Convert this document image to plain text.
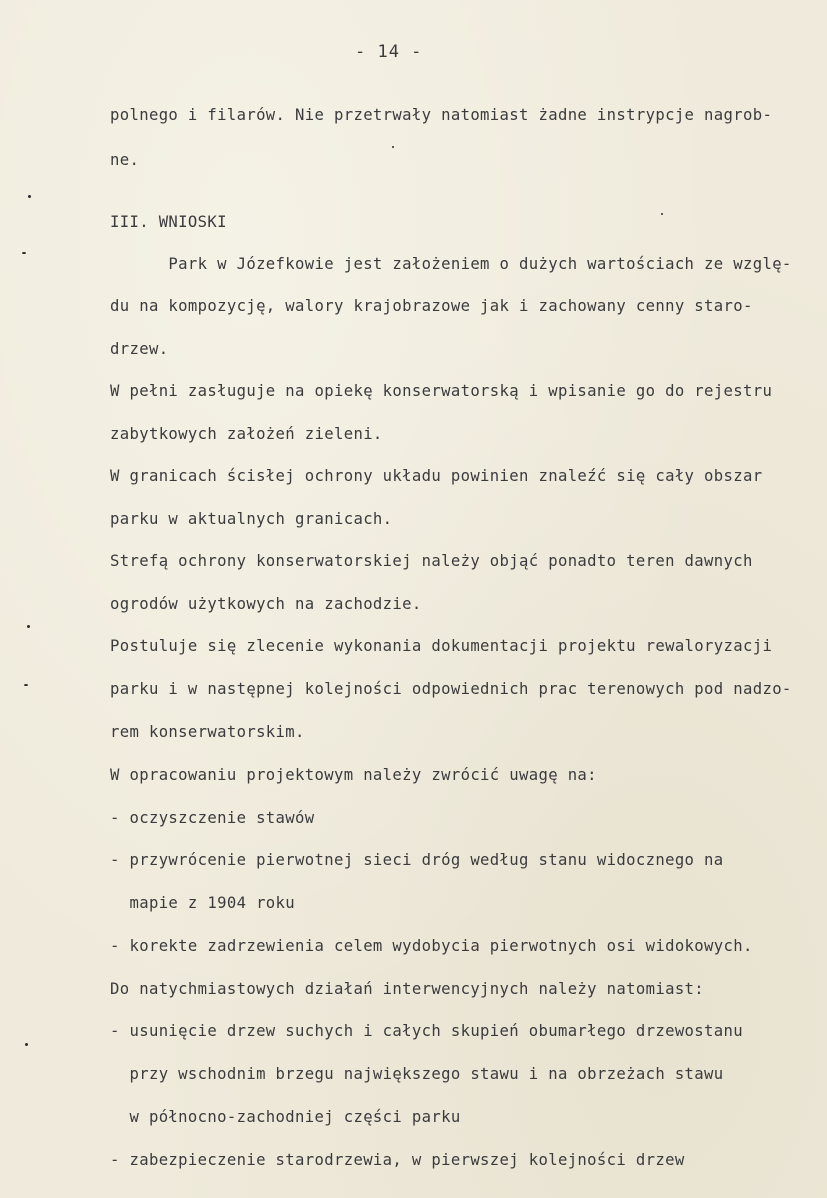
- 14 -
polnego i filarów. Nie przetrwały natomiast żadne instrypcje nagrob-
ne.
III. WNIOSKI
Park w Józefkowie jest założeniem o dużych wartościach ze wzglę-
du na kompozycję, walory krajobrazowe jak i zachowany cenny staro-
drzew.
W pełni zasługuje na opiekę konserwatorską i wpisanie go do rejestru
zabytkowych założeń zieleni.
W granicach ścisłej ochrony układu powinien znaleźć się cały obszar
parku w aktualnych granicach.
Strefą ochrony konserwatorskiej należy objąć ponadto teren dawnych
ogrodów użytkowych na zachodzie.
Postuluje się zlecenie wykonania dokumentacji projektu rewaloryzacji
parku i w następnej kolejności odpowiednich prac terenowych pod nadzo-
rem konserwatorskim.
W opracowaniu projektowym należy zwrócić uwagę na:
- oczyszczenie stawów
- przywrócenie pierwotnej sieci dróg według stanu widocznego na
mapie z 1904 roku
- korekte zadrzewienia celem wydobycia pierwotnych osi widokowych.
Do natychmiastowych działań interwencyjnych należy natomiast:
- usunięcie drzew suchych i całych skupień obumarłego drzewostanu
przy wschodnim brzegu największego stawu i na obrzeżach stawu
w północno-zachodniej części parku
- zabezpieczenie starodrzewia, w pierwszej kolejności drzew
